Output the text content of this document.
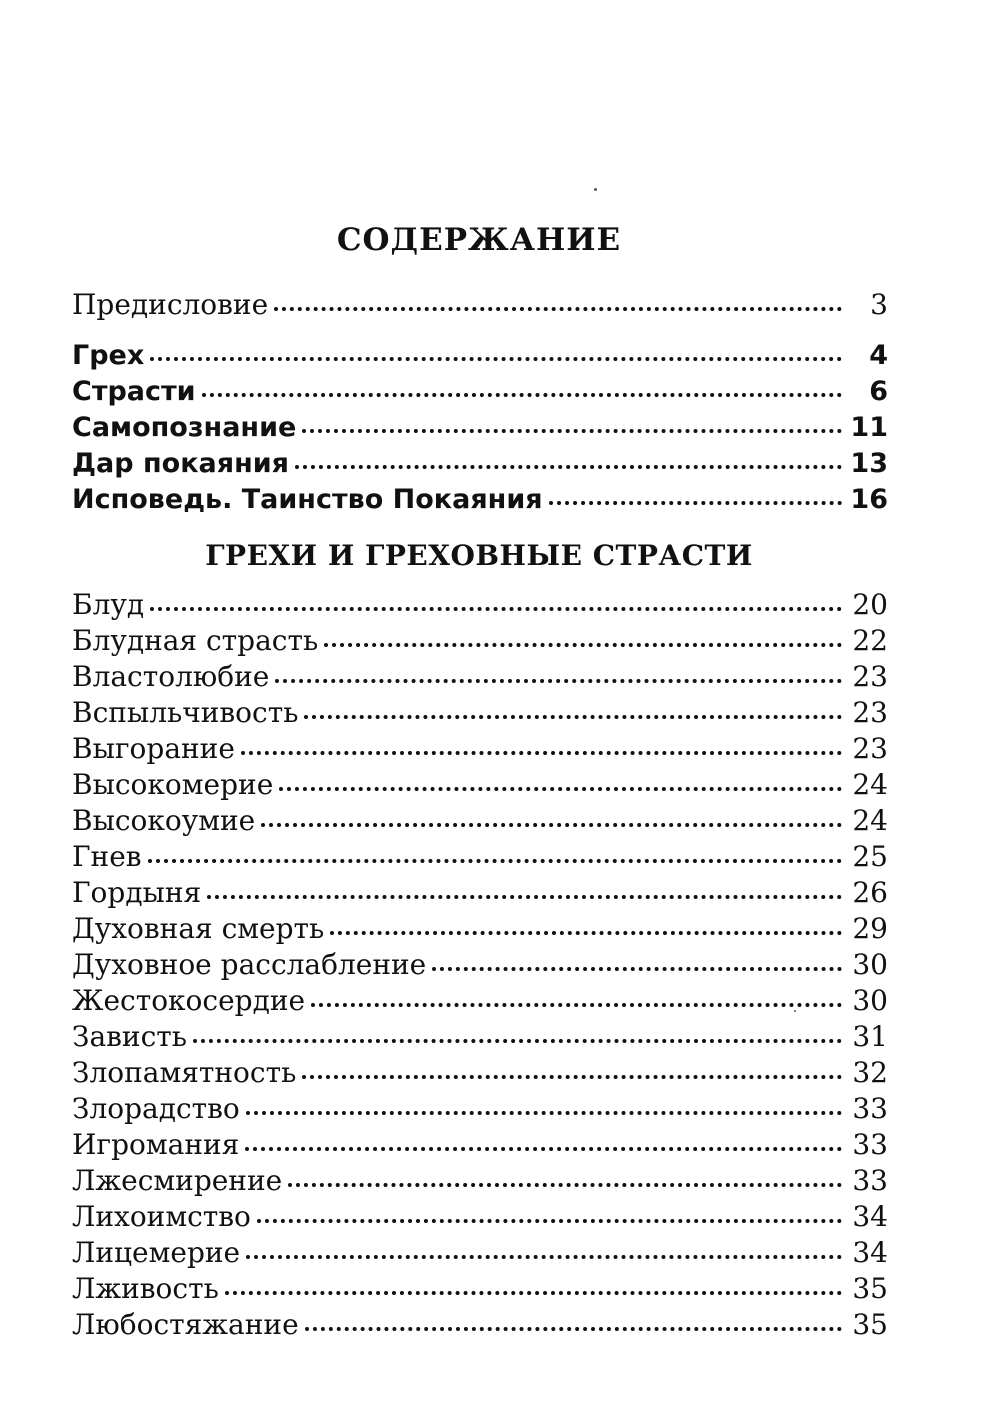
СОДЕРЖАНИЕ
Предисловие	3
Грех	4
Страсти	6
Самопознание	11
Дар покаяния	13
Исповедь. Таинство Покаяния	16
ГРЕХИ И ГРЕХОВНЫЕ СТРАСТИ
Блуд	20
Блудная страсть	22
Властолюбие	23
Вспыльчивость	23
Выгорание	23
Высокомерие	24
Высокоумие	24
Гнев	25
Гордыня	26
Духовная смерть	29
Духовное расслабление	30
Жестокосердие	30
Зависть	31
Злопамятность	32
Злорадство	33
Игромания	33
Лжесмирение	33
Лихоимство	34
Лицемерие	34
Лживость	35
Любостяжание	35
